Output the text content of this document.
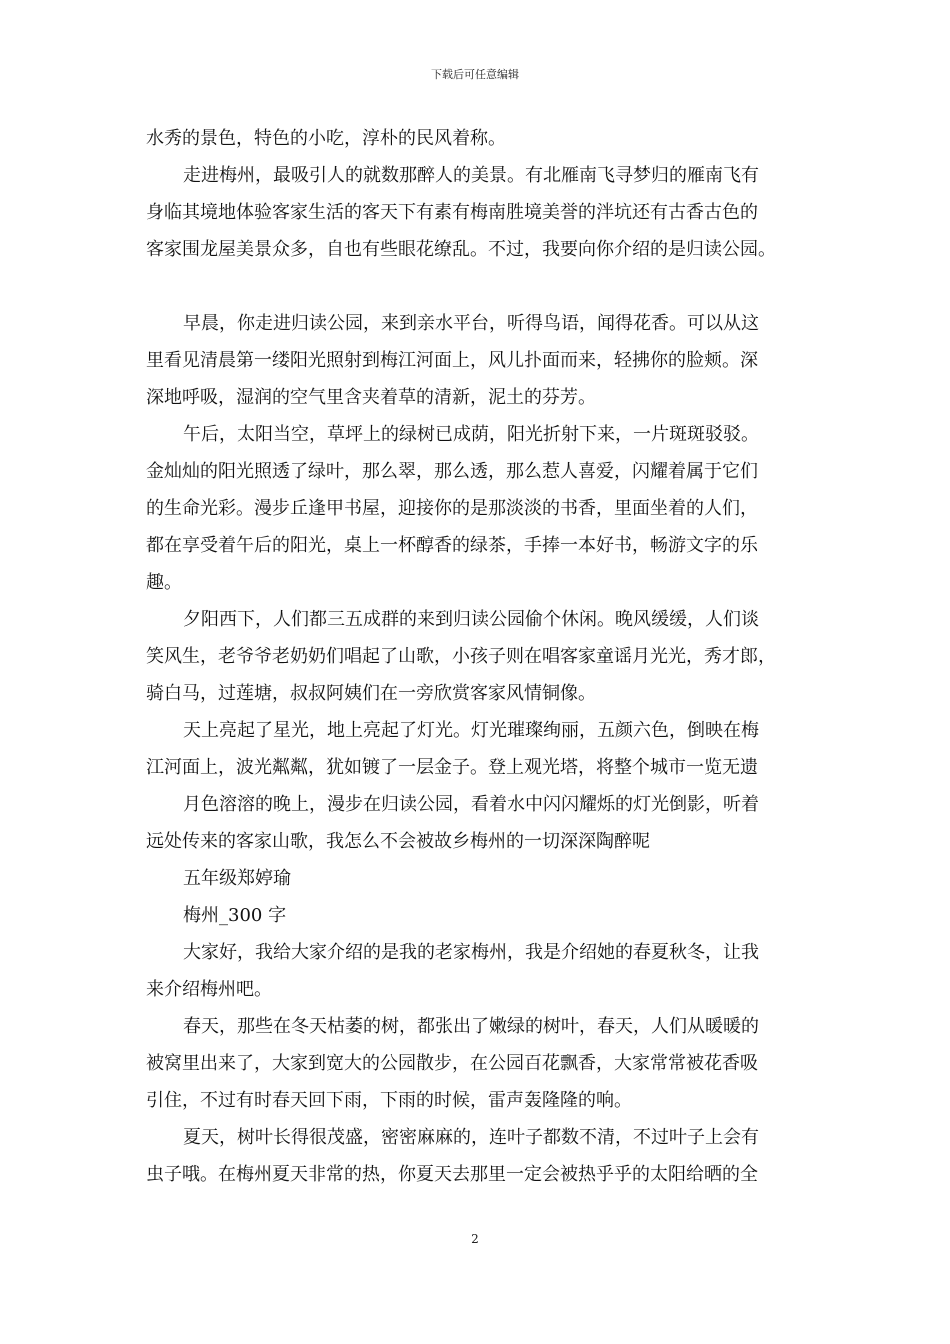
下载后可任意编辑
水秀的景色，特色的小吃，淳朴的民风着称。
走进梅州，最吸引人的就数那醉人的美景。有北雁南飞寻梦归的雁南飞有
身临其境地体验客家生活的客天下有素有梅南胜境美誉的泮坑还有古香古色的
客家围龙屋美景众多，自也有些眼花缭乱。不过，我要向你介绍的是归读公园。
早晨，你走进归读公园，来到亲水平台，听得鸟语，闻得花香。可以从这
里看见清晨第一缕阳光照射到梅江河面上，风儿扑面而来，轻拂你的脸颊。深
深地呼吸，湿润的空气里含夹着草的清新，泥土的芬芳。
午后，太阳当空，草坪上的绿树已成荫，阳光折射下来，一片斑斑驳驳。
金灿灿的阳光照透了绿叶，那么翠，那么透，那么惹人喜爱，闪耀着属于它们
的生命光彩。漫步丘逢甲书屋，迎接你的是那淡淡的书香，里面坐着的人们，
都在享受着午后的阳光，桌上一杯醇香的绿茶，手捧一本好书，畅游文字的乐
趣。
夕阳西下，人们都三五成群的来到归读公园偷个休闲。晚风缓缓，人们谈
笑风生，老爷爷老奶奶们唱起了山歌，小孩子则在唱客家童谣月光光，秀才郎，
骑白马，过莲塘，叔叔阿姨们在一旁欣赏客家风情铜像。
天上亮起了星光，地上亮起了灯光。灯光璀璨绚丽，五颜六色，倒映在梅
江河面上，波光粼粼，犹如镀了一层金子。登上观光塔，将整个城市一览无遗
月色溶溶的晚上，漫步在归读公园，看着水中闪闪耀烁的灯光倒影，听着
远处传来的客家山歌，我怎么不会被故乡梅州的一切深深陶醉呢
五年级郑婷瑜
梅州_300 字
大家好，我给大家介绍的是我的老家梅州，我是介绍她的春夏秋冬，让我
来介绍梅州吧。
春天，那些在冬天枯萎的树，都张出了嫩绿的树叶，春天，人们从暖暖的
被窝里出来了，大家到宽大的公园散步，在公园百花飘香，大家常常被花香吸
引住，不过有时春天回下雨，下雨的时候，雷声轰隆隆的响。
夏天，树叶长得很茂盛，密密麻麻的，连叶子都数不清，不过叶子上会有
虫子哦。在梅州夏天非常的热，你夏天去那里一定会被热乎乎的太阳给晒的全
2
